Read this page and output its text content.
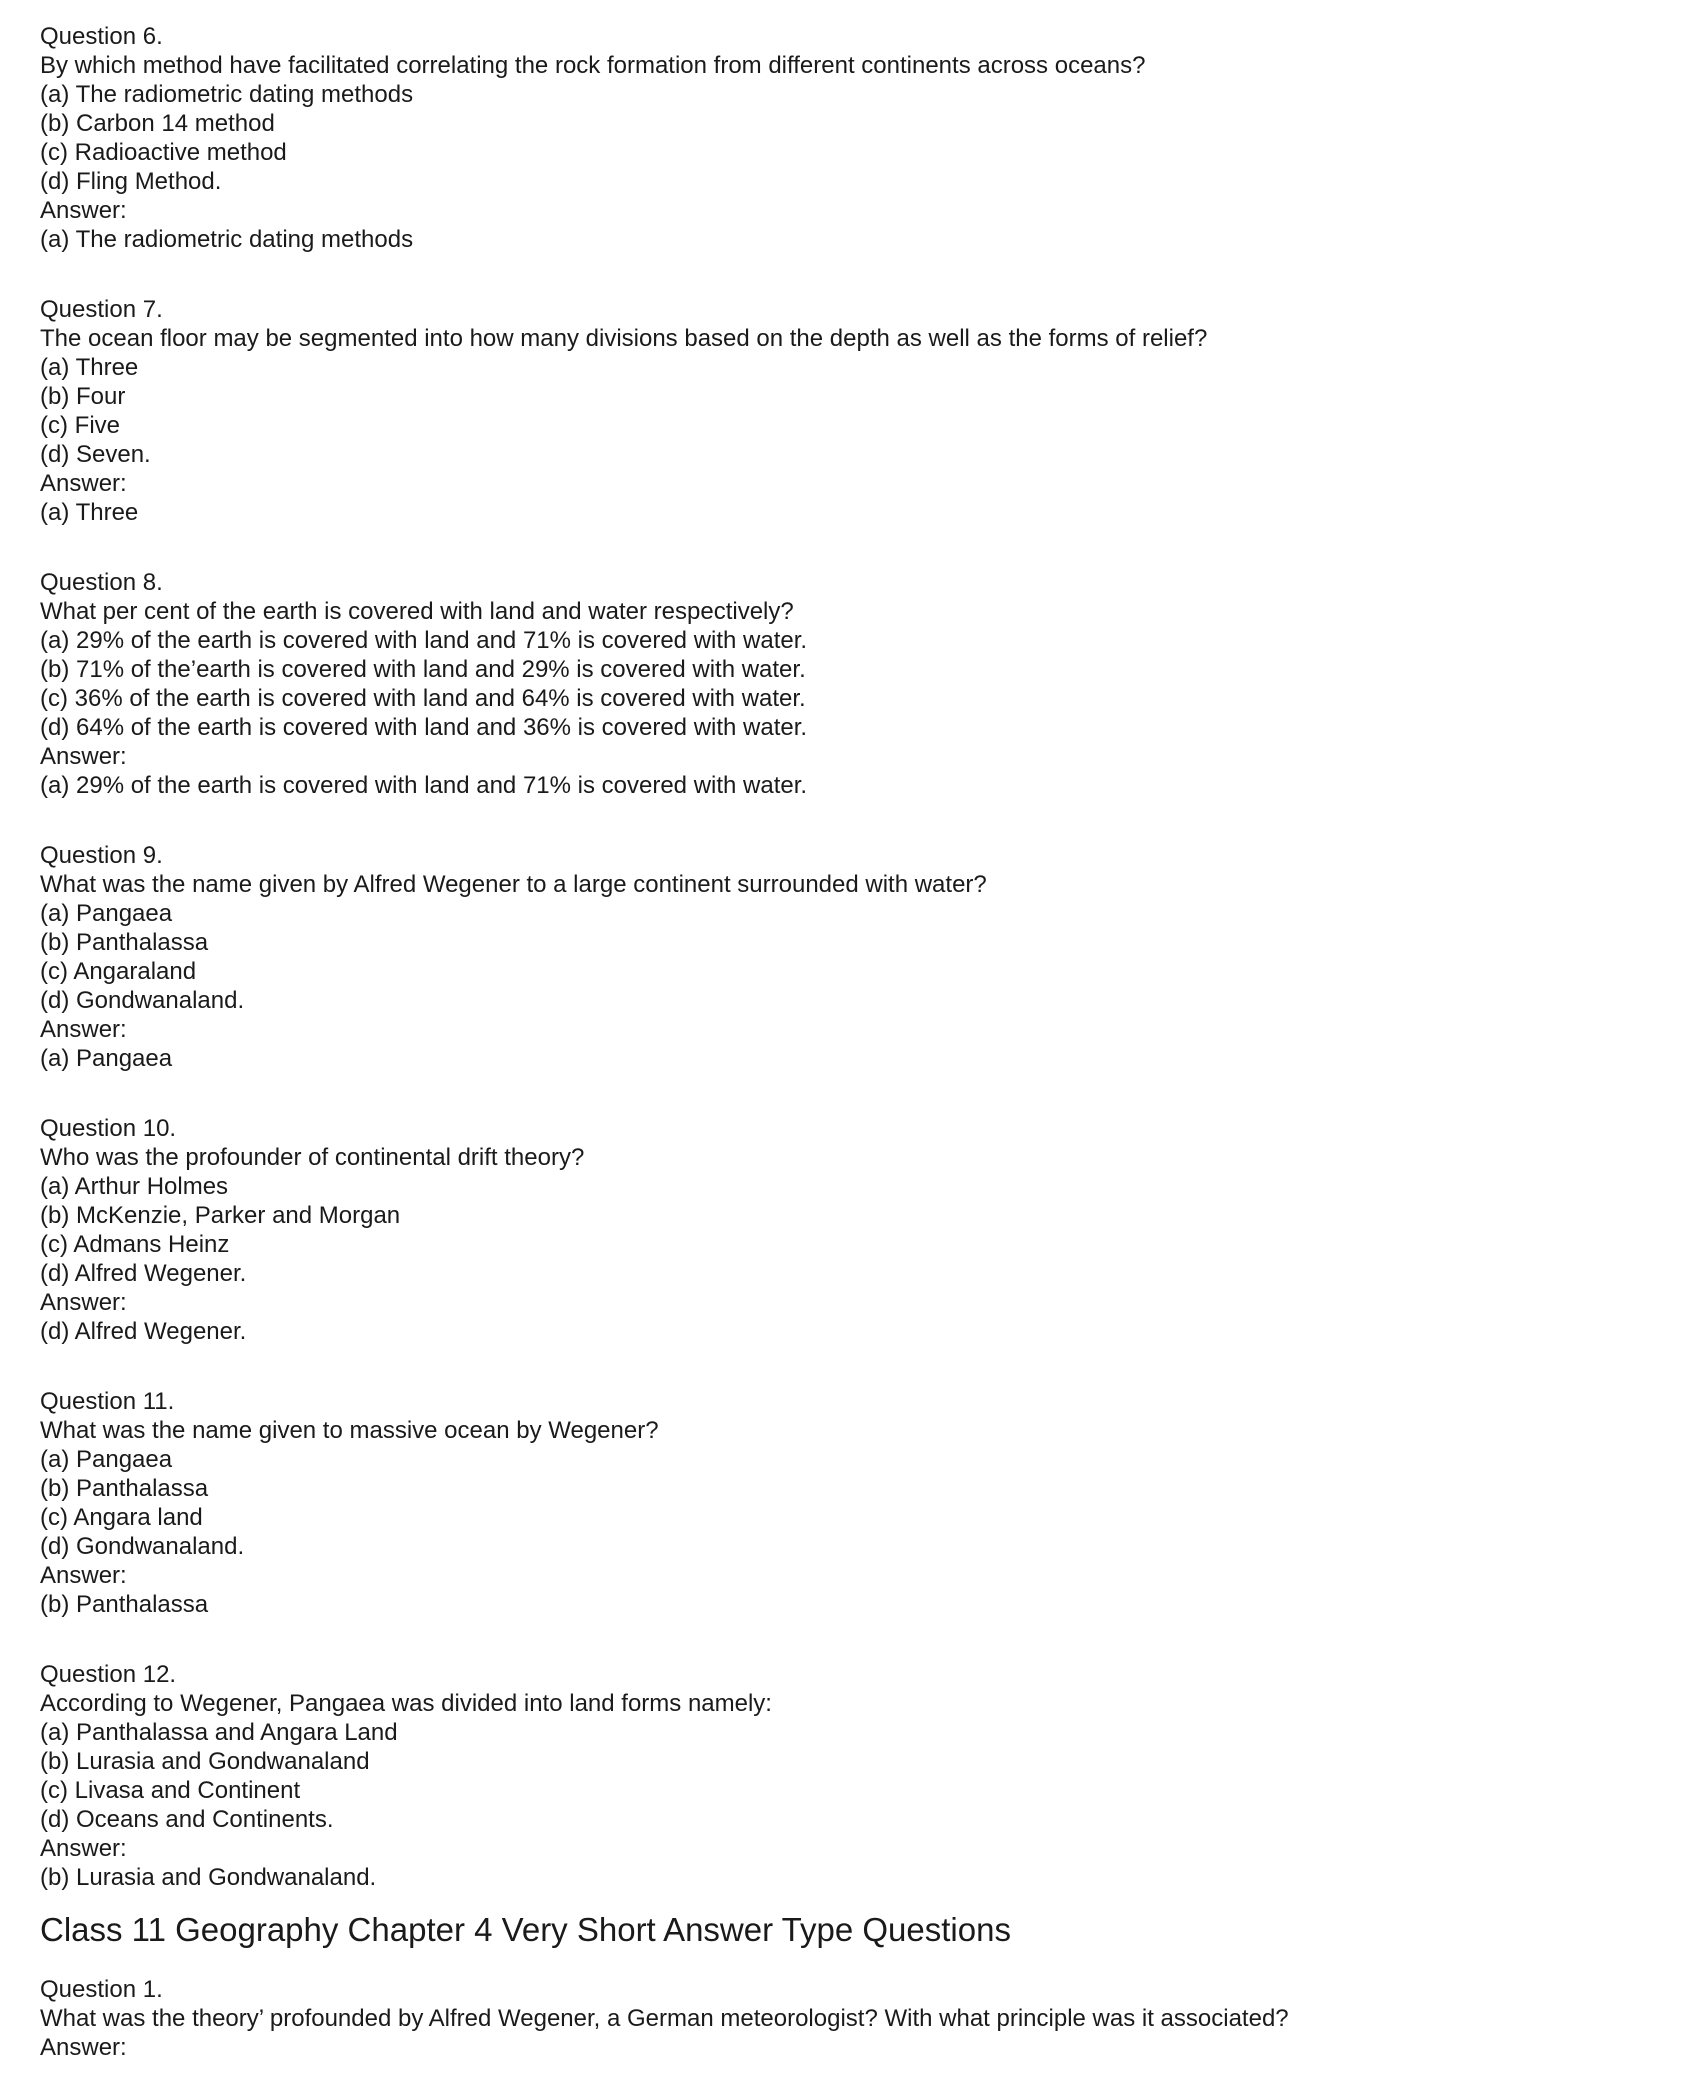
Question 6.
By which method have facilitated correlating the rock formation from different continents across oceans?
(a) The radiometric dating methods
(b) Carbon 14 method
(c) Radioactive method
(d) Fling Method.
Answer:
(a) The radiometric dating methods
Question 7.
The ocean floor may be segmented into how many divisions based on the depth as well as the forms of relief?
(a) Three
(b) Four
(c) Five
(d) Seven.
Answer:
(a) Three
Question 8.
What per cent of the earth is covered with land and water respectively?
(a) 29% of the earth is covered with land and 71% is covered with water.
(b) 71% of the’earth is covered with land and 29% is covered with water.
(c) 36% of the earth is covered with land and 64% is covered with water.
(d) 64% of the earth is covered with land and 36% is covered with water.
Answer:
(a) 29% of the earth is covered with land and 71% is covered with water.
Question 9.
What was the name given by Alfred Wegener to a large continent surrounded with water?
(a) Pangaea
(b) Panthalassa
(c) Angaraland
(d) Gondwanaland.
Answer:
(a) Pangaea
Question 10.
Who was the profounder of continental drift theory?
(a) Arthur Holmes
(b) McKenzie, Parker and Morgan
(c) Admans Heinz
(d) Alfred Wegener.
Answer:
(d) Alfred Wegener.
Question 11.
What was the name given to massive ocean by Wegener?
(a) Pangaea
(b) Panthalassa
(c) Angara land
(d) Gondwanaland.
Answer:
(b) Panthalassa
Question 12.
According to Wegener, Pangaea was divided into land forms namely:
(a) Panthalassa and Angara Land
(b) Lurasia and Gondwanaland
(c) Livasa and Continent
(d) Oceans and Continents.
Answer:
(b) Lurasia and Gondwanaland.
Class 11 Geography Chapter 4 Very Short Answer Type Questions
Question 1.
What was the theory’ profounded by Alfred Wegener, a German meteorologist? With what principle was it associated?
Answer:
